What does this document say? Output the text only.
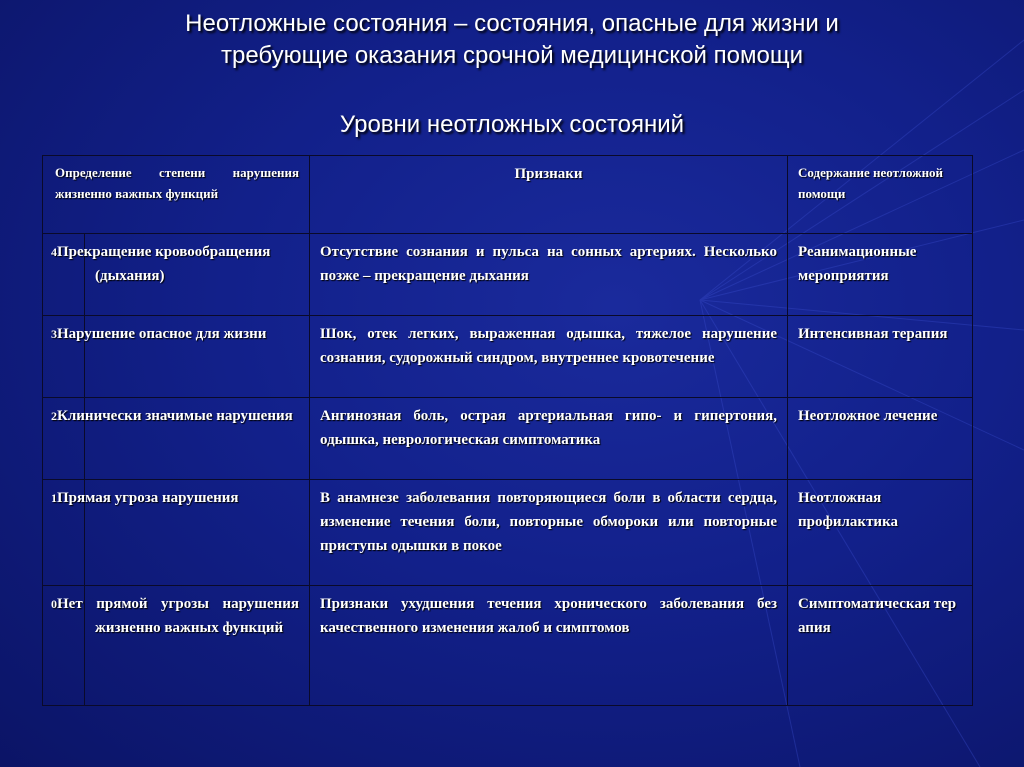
Неотложные состояния – состояния, опасные для жизни и
требующие оказания срочной медицинской помощи
Уровни неотложных состояний
Определение степени нарушения жизненно важных функций		Признаки	Содержание неотложной помощи
4	Прекращение кровообращения (дыхания)	Отсутствие сознания и пульса на сонных артериях. Несколько позже – прекращение дыхания	Реанимационные мероприятия
3	Нарушение опасное для жизни	Шок, отек легких, выраженная одышка, тяжелое нарушение сознания, судорожный синдром, внутреннее кровотечение	Интенсивная терапия
2	Клинически значимые нарушения	Ангинозная боль, острая артериальная гипо- и гипертония, одышка, неврологическая симптоматика	Неотложное лечение
1	Прямая угроза нарушения	В анамнезе заболевания повторяющиеся боли в области сердца, изменение течения боли, повторные обмороки или повторные приступы одышки в покое	Неотложная профилактика
0	Нет прямой угрозы нарушения жизненно важных функций	Признаки ухудшения течения хронического заболевания без качественного изменения жалоб и симптомов	Симптоматическая терапия
